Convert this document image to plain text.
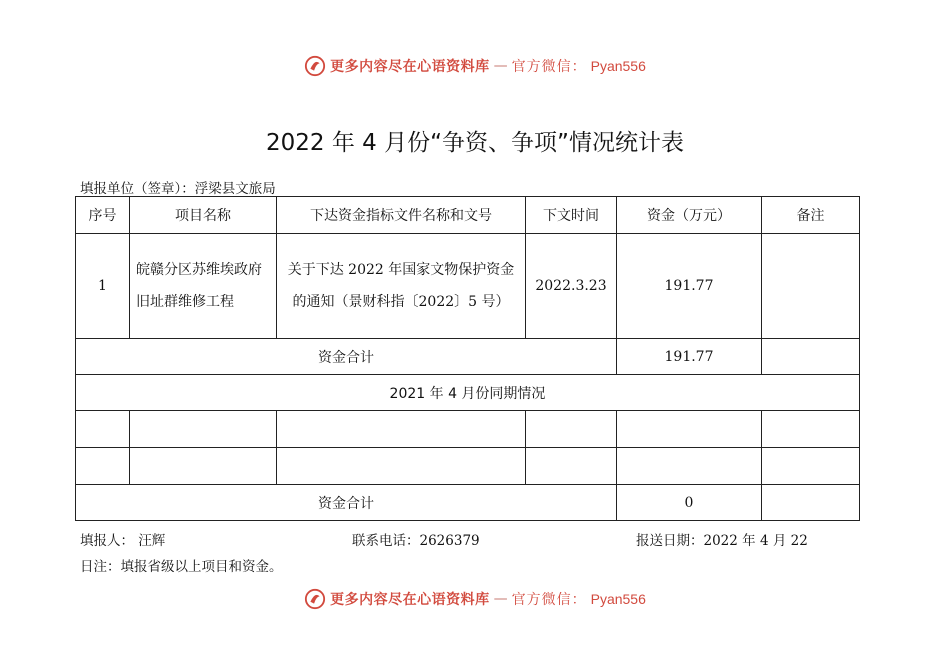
更多内容尽在心语资料库 — 官方微信： Pyan556
2022 年 4 月份“争资、争项”情况统计表
填报单位（签章）：浮梁县文旅局
序号	项目名称	下达资金指标文件名称和文号	下文时间	资金（万元）	备注
1	皖赣分区苏维埃政府旧址群维修工程	关于下达 2022 年国家文物保护资金的通知（景财科指〔2022〕5 号）	2022.3.23	191.77	
资金合计				191.77	
2021 年 4 月份同期情况					

资金合计				0	
填报人： 汪辉	联系电话：2626379	报送日期：2022 年 4 月 22
日注：填报省级以上项目和资金。
更多内容尽在心语资料库 — 官方微信： Pyan556
